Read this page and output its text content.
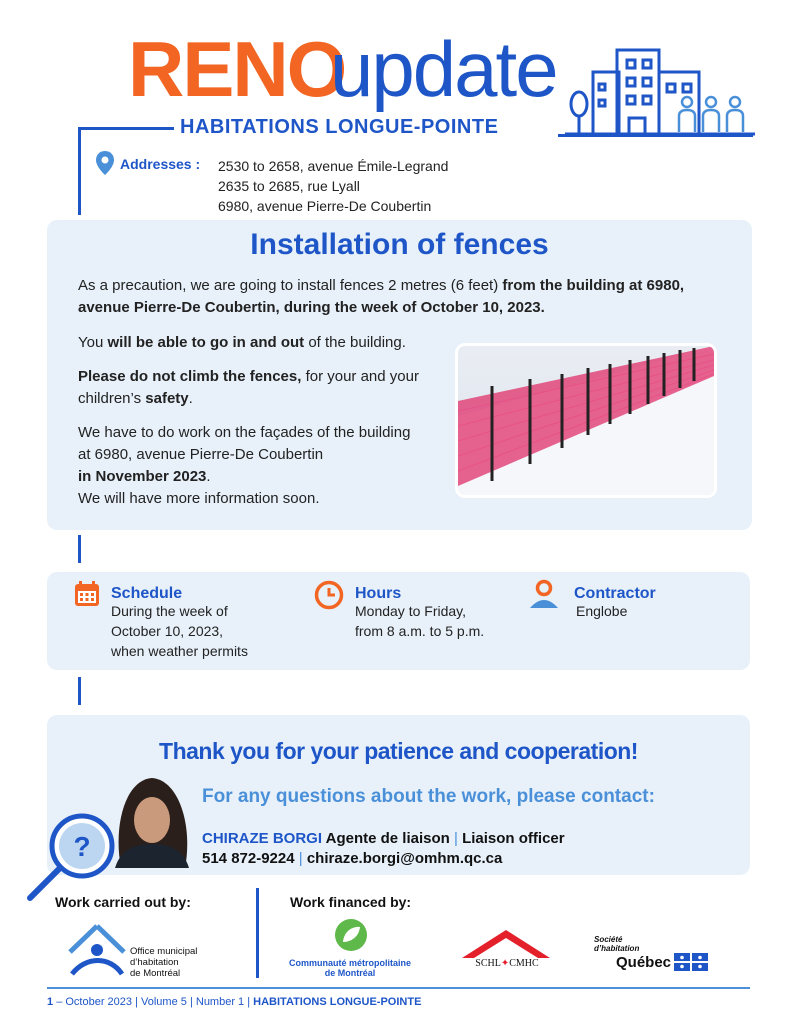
RENO
update
HABITATIONS LONGUE-POINTE
Addresses : 2530 to 2658, avenue Émile-Legrand
2635 to 2685, rue Lyall
6980, avenue Pierre-De Coubertin
Installation of fences
As a precaution, we are going to install fences 2 metres (6 feet) from the building at 6980, avenue Pierre-De Coubertin, during the week of October 10, 2023.
You will be able to go in and out of the building.
Please do not climb the fences, for your and your children’s safety.
We have to do work on the façades of the building at 6980, avenue Pierre-De Coubertin
in November 2023.
We will have more information soon.
Schedule
During the week of
October 10, 2023,
when weather permits
Hours
Monday to Friday,
from 8 a.m. to 5 p.m.
Contractor
Englobe
Thank you for your patience and cooperation!
For any questions about the work, please contact:
?	CHIRAZE BORGI Agente de liaison | Liaison officer
514 872-9224 | chiraze.borgi@omhm.qc.ca
Work carried out by:	Work financed by:
Office municipal
d’habitation
de Montréal
Communauté métropolitaine
de Montréal
SCHL✦CMHC
Société
d’habitation
Québec
1 – October 2023 | Volume 5 | Number 1 | HABITATIONS LONGUE-POINTE
